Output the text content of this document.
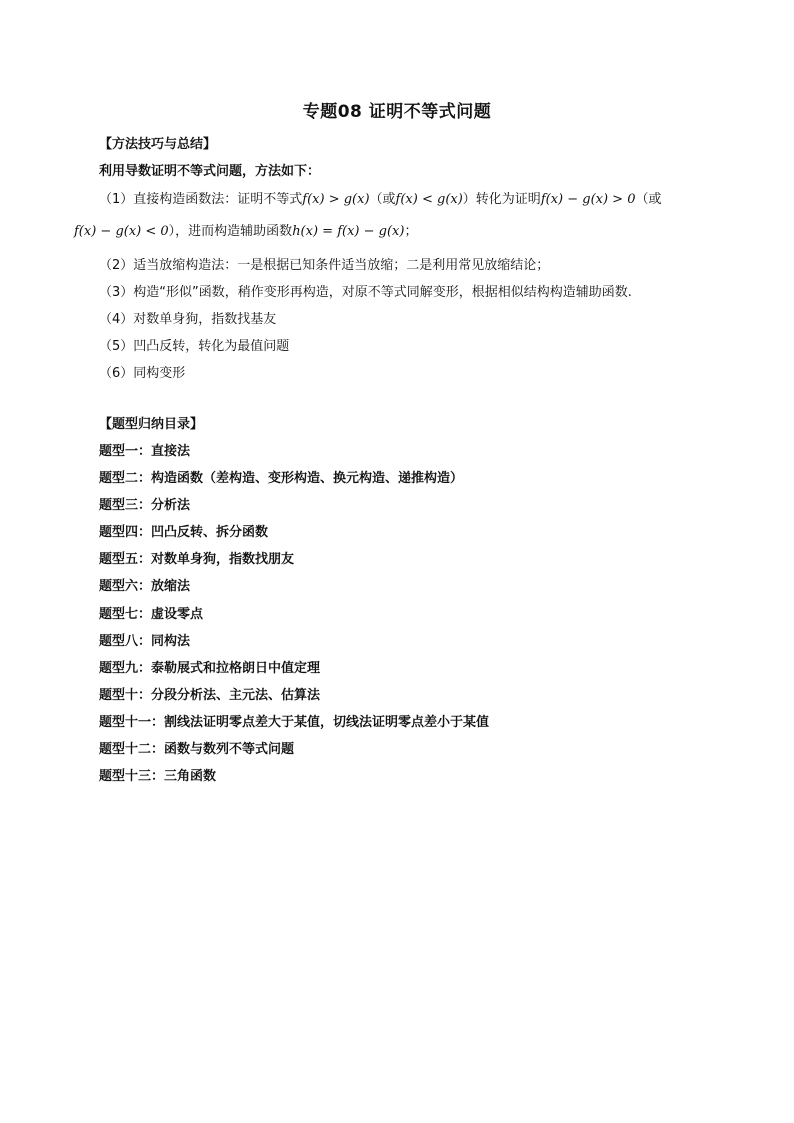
专题08 证明不等式问题
【方法技巧与总结】
利用导数证明不等式问题，方法如下：
（1）直接构造函数法：证明不等式f(x) > g(x)（或f(x) < g(x)）转化为证明f(x) − g(x) > 0（或
f(x) − g(x) < 0），进而构造辅助函数h(x) = f(x) − g(x)；
（2）适当放缩构造法：一是根据已知条件适当放缩；二是利用常见放缩结论；
（3）构造“形似”函数，稍作变形再构造，对原不等式同解变形，根据相似结构构造辅助函数.
（4）对数单身狗，指数找基友
（5）凹凸反转，转化为最值问题
（6）同构变形
【题型归纳目录】
题型一：直接法
题型二：构造函数（差构造、变形构造、换元构造、递推构造）
题型三：分析法
题型四：凹凸反转、拆分函数
题型五：对数单身狗，指数找朋友
题型六：放缩法
题型七：虚设零点
题型八：同构法
题型九：泰勒展式和拉格朗日中值定理
题型十：分段分析法、主元法、估算法
题型十一：割线法证明零点差大于某值，切线法证明零点差小于某值
题型十二：函数与数列不等式问题
题型十三：三角函数
